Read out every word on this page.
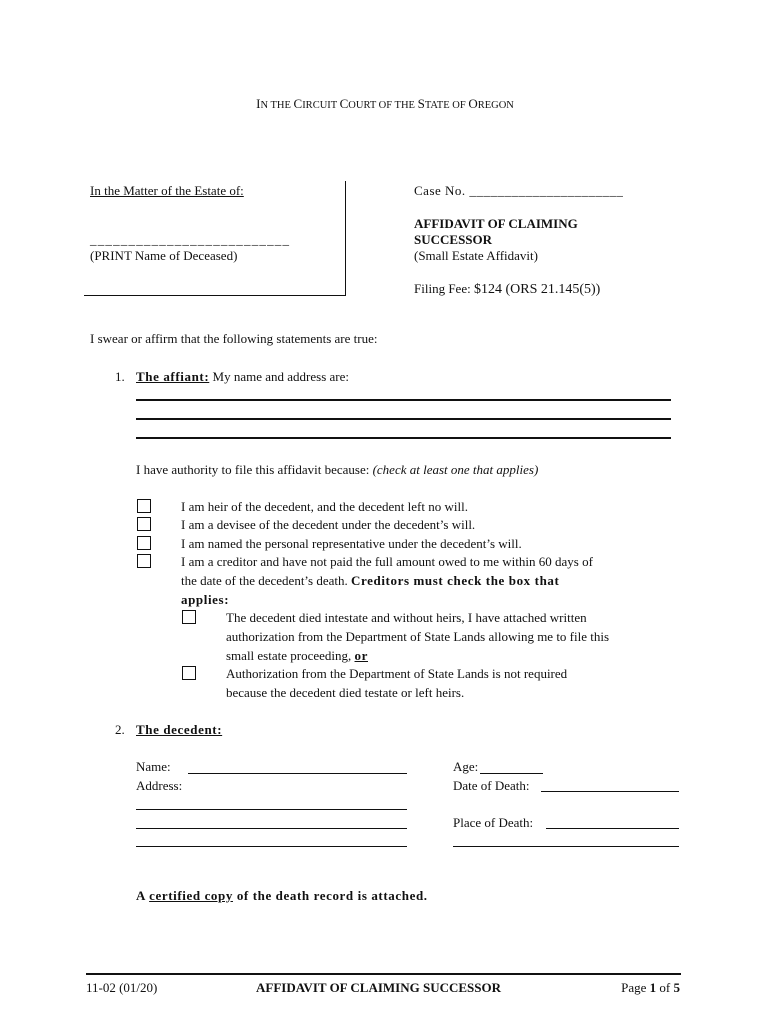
IN THE CIRCUIT COURT OF THE STATE OF OREGON
In the Matter of the Estate of:
__________________________
(PRINT Name of Deceased)
Case No. ______________________
AFFIDAVIT OF CLAIMING
SUCCESSOR
(Small Estate Affidavit)
Filing Fee: $124 (ORS 21.145(5))
I swear or affirm that the following statements are true:
1. The affiant: My name and address are:
I have authority to file this affidavit because: (check at least one that applies)
I am heir of the decedent, and the decedent left no will.
I am a devisee of the decedent under the decedent’s will.
I am named the personal representative under the decedent’s will.
I am a creditor and have not paid the full amount owed to me within 60 days of
the date of the decedent’s death. Creditors must check the box that
applies:
The decedent died intestate and without heirs, I have attached written
authorization from the Department of State Lands allowing me to file this
small estate proceeding, or
Authorization from the Department of State Lands is not required
because the decedent died testate or left heirs.
2. The decedent:
Name:
Address:
Age:
Date of Death:
Place of Death:
A certified copy of the death record is attached.
11-02 (01/20)	AFFIDAVIT OF CLAIMING SUCCESSOR	Page 1 of 5
